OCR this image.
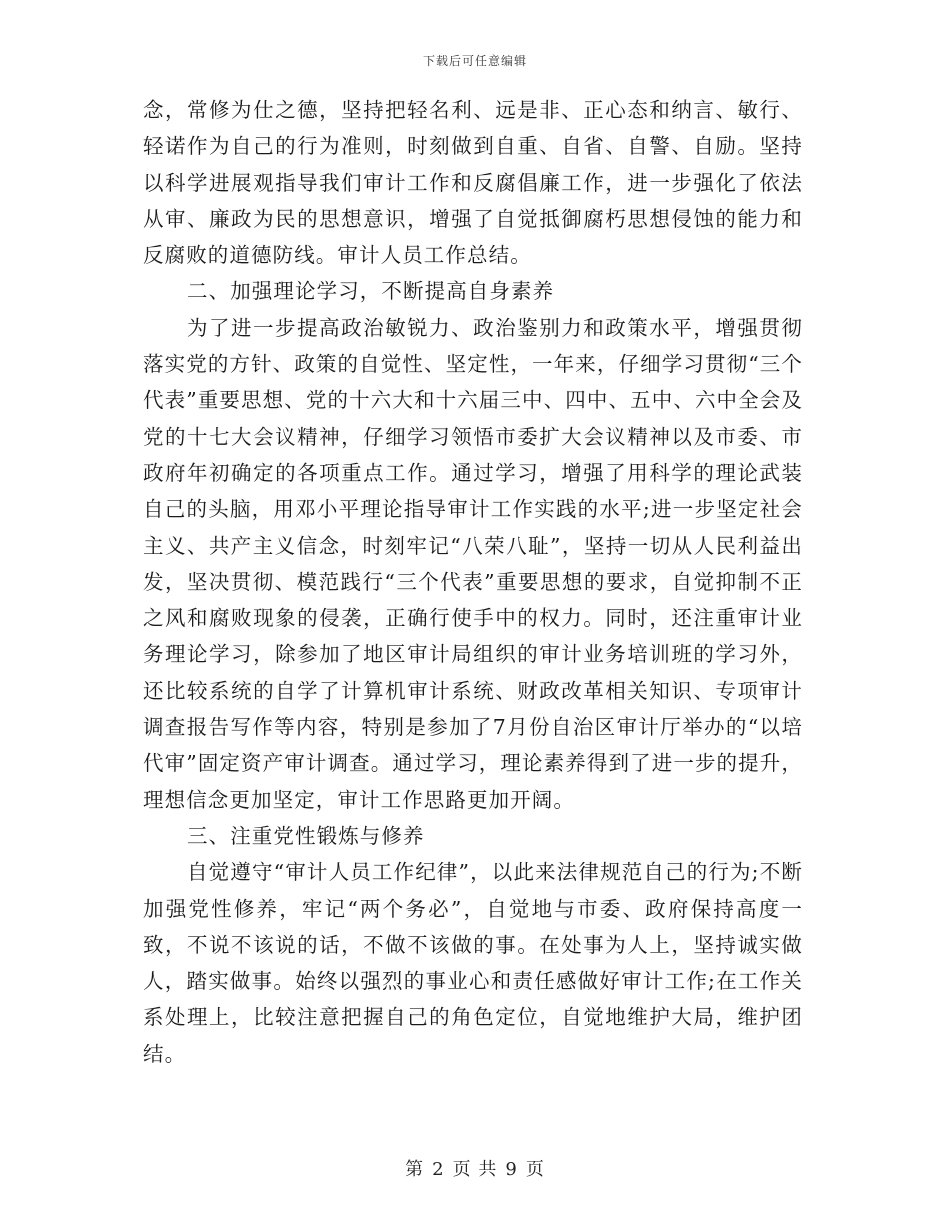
下载后可任意编辑

念，常修为仕之德，坚持把轻名利、远是非、正心态和纳言、敏行、轻诺作为自己的行为准则，时刻做到自重、自省、自警、自励。坚持以科学进展观指导我们审计工作和反腐倡廉工作，进一步强化了依法从审、廉政为民的思想意识，增强了自觉抵御腐朽思想侵蚀的能力和反腐败的道德防线。审计人员工作总结。

二、加强理论学习，不断提高自身素养

为了进一步提高政治敏锐力、政治鉴别力和政策水平，增强贯彻落实党的方针、政策的自觉性、坚定性，一年来，仔细学习贯彻“三个代表”重要思想、党的十六大和十六届三中、四中、五中、六中全会及党的十七大会议精神，仔细学习领悟市委扩大会议精神以及市委、市政府年初确定的各项重点工作。通过学习，增强了用科学的理论武装自己的头脑，用邓小平理论指导审计工作实践的水平;进一步坚定社会主义、共产主义信念，时刻牢记“八荣八耻”，坚持一切从人民利益出发，坚决贯彻、模范践行“三个代表”重要思想的要求，自觉抑制不正之风和腐败现象的侵袭，正确行使手中的权力。同时，还注重审计业务理论学习，除参加了地区审计局组织的审计业务培训班的学习外，还比较系统的自学了计算机审计系统、财政改革相关知识、专项审计调查报告写作等内容，特别是参加了7月份自治区审计厅举办的“以培代审”固定资产审计调查。通过学习，理论素养得到了进一步的提升，理想信念更加坚定，审计工作思路更加开阔。

三、注重党性锻炼与修养

自觉遵守“审计人员工作纪律”，以此来法律规范自己的行为;不断加强党性修养，牢记“两个务必”，自觉地与市委、政府保持高度一致，不说不该说的话，不做不该做的事。在处事为人上，坚持诚实做人，踏实做事。始终以强烈的事业心和责任感做好审计工作;在工作关系处理上，比较注意把握自己的角色定位，自觉地维护大局，维护团结。

第 2 页 共 9 页
